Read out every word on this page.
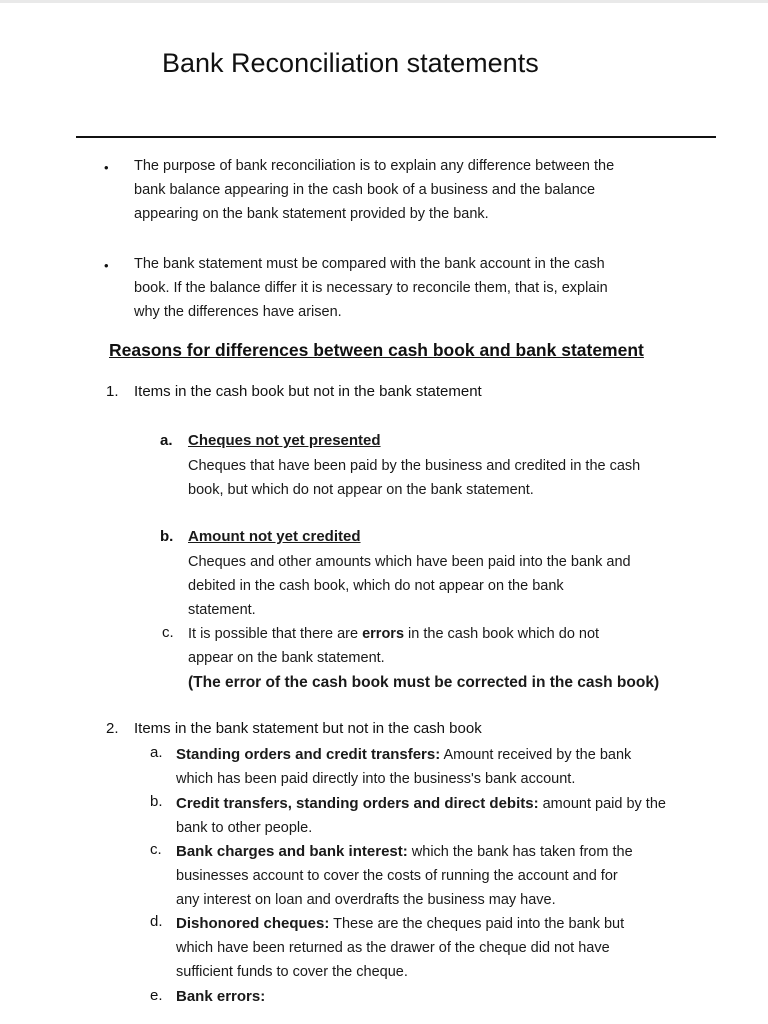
Bank Reconciliation statements
• The purpose of bank reconciliation is to explain any difference between the
bank balance appearing in the cash book of a business and the balance
appearing on the bank statement provided by the bank.
• The bank statement must be compared with the bank account in the cash
book. If the balance differ it is necessary to reconcile them, that is, explain
why the differences have arisen.
Reasons for differences between cash book and bank statement
1. Items in the cash book but not in the bank statement
a. Cheques not yet presented
Cheques that have been paid by the business and credited in the cash
book, but which do not appear on the bank statement.
b. Amount not yet credited
Cheques and other amounts which have been paid into the bank and
debited in the cash book, which do not appear on the bank
statement.
c. It is possible that there are errors in the cash book which do not
appear on the bank statement.
(The error of the cash book must be corrected in the cash book)
2. Items in the bank statement but not in the cash book
a. Standing orders and credit transfers: Amount received by the bank
which has been paid directly into the business's bank account.
b. Credit transfers, standing orders and direct debits: amount paid by the
bank to other people.
c. Bank charges and bank interest: which the bank has taken from the
businesses account to cover the costs of running the account and for
any interest on loan and overdrafts the business may have.
d. Dishonored cheques: These are the cheques paid into the bank but
which have been returned as the drawer of the cheque did not have
sufficient funds to cover the cheque.
e. Bank errors:
